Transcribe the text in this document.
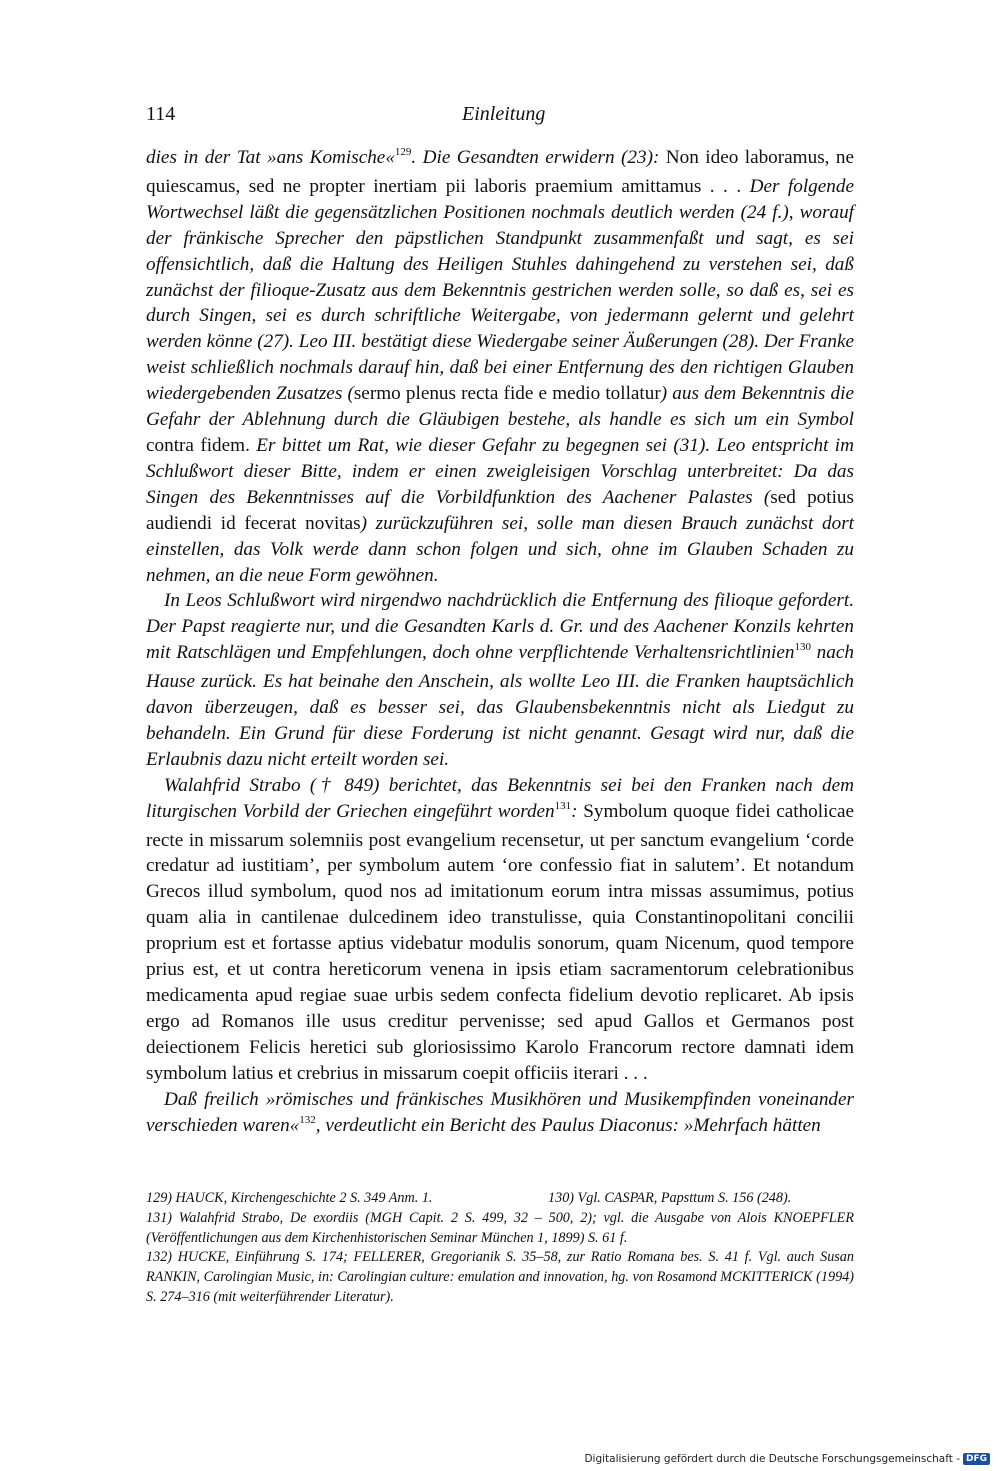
114	Einleitung

dies in der Tat »ans Komische«$^{129}$. Die Gesandten erwidern (23): Non ideo laboramus, ne quiescamus, sed ne propter inertiam pii laboris praemium amittamus . . . Der folgende Wortwechsel läßt die gegensätzlichen Positionen nochmals deutlich werden (24 f.), worauf der fränkische Sprecher den päpstlichen Standpunkt zusammenfaßt und sagt, es sei offensichtlich, daß die Haltung des Heiligen Stuhles dahingehend zu verstehen sei, daß zunächst der filioque-Zusatz aus dem Bekenntnis gestrichen werden solle, so daß es, sei es durch Singen, sei es durch schriftliche Weitergabe, von jedermann gelernt und gelehrt werden könne (27). Leo III. bestätigt diese Wiedergabe seiner Äußerungen (28). Der Franke weist schließlich nochmals darauf hin, daß bei einer Entfernung des den richtigen Glauben wiedergebenden Zusatzes (sermo plenus recta fide e medio tollatur) aus dem Bekenntnis die Gefahr der Ablehnung durch die Gläubigen bestehe, als handle es sich um ein Symbol contra fidem. Er bittet um Rat, wie dieser Gefahr zu begegnen sei (31). Leo entspricht im Schlußwort dieser Bitte, indem er einen zweigleisigen Vorschlag unterbreitet: Da das Singen des Bekenntnisses auf die Vorbildfunktion des Aachener Palastes (sed potius audiendi id fecerat novitas) zurückzuführen sei, solle man diesen Brauch zunächst dort einstellen, das Volk werde dann schon folgen und sich, ohne im Glauben Schaden zu nehmen, an die neue Form gewöhnen.

In Leos Schlußwort wird nirgendwo nachdrücklich die Entfernung des filioque gefordert. Der Papst reagierte nur, und die Gesandten Karls d. Gr. und des Aachener Konzils kehrten mit Ratschlägen und Empfehlungen, doch ohne verpflichtende Verhaltensrichtlinien$^{130}$ nach Hause zurück. Es hat beinahe den Anschein, als wollte Leo III. die Franken hauptsächlich davon überzeugen, daß es besser sei, das Glaubensbekenntnis nicht als Liedgut zu behandeln. Ein Grund für diese Forderung ist nicht genannt. Gesagt wird nur, daß die Erlaubnis dazu nicht erteilt worden sei.

Walahfrid Strabo († 849) berichtet, das Bekenntnis sei bei den Franken nach dem liturgischen Vorbild der Griechen eingeführt worden$^{131}$: Symbolum quoque fidei catholicae recte in missarum solemniis post evangelium recensetur, ut per sanctum evangelium ‘corde credatur ad iustitiam’, per symbolum autem ‘ore confessio fiat in salutem’. Et notandum Grecos illud symbolum, quod nos ad imitationum eorum intra missas assumimus, potius quam alia in cantilenae dulcedinem ideo transtulisse, quia Constantinopolitani concilii proprium est et fortasse aptius videbatur modulis sonorum, quam Nicenum, quod tempore prius est, et ut contra hereticorum venena in ipsis etiam sacramentorum celebrationibus medicamenta apud regiae suae urbis sedem confecta fidelium devotio replicaret. Ab ipsis ergo ad Romanos ille usus creditur pervenisse; sed apud Gallos et Germanos post deiectionem Felicis heretici sub gloriosissimo Karolo Francorum rectore damnati idem symbolum latius et crebrius in missarum coepit officiis iterari . . .

Daß freilich »römisches und fränkisches Musikhören und Musikempfinden voneinander verschieden waren«$^{132}$, verdeutlicht ein Bericht des Paulus Diaconus: »Mehrfach hätten

129) HAUCK, Kirchengeschichte 2 S. 349 Anm. 1.	130) Vgl. CASPAR, Papsttum S. 156 (248).

131) Walahfrid Strabo, De exordiis (MGH Capit. 2 S. 499, 32 – 500, 2); vgl. die Ausgabe von Alois KNOEPFLER (Veröffentlichungen aus dem Kirchenhistorischen Seminar München 1, 1899) S. 61 f.

132) HUCKE, Einführung S. 174; FELLERER, Gregorianik S. 35–58, zur Ratio Romana bes. S. 41 f. Vgl. auch Susan RANKIN, Carolingian Music, in: Carolingian culture: emulation and innovation, hg. von Rosamond MCKITTERICK (1994) S. 274–316 (mit weiterführender Literatur).

Digitalisierung gefördert durch die Deutsche Forschungsgemeinschaft - DFG
